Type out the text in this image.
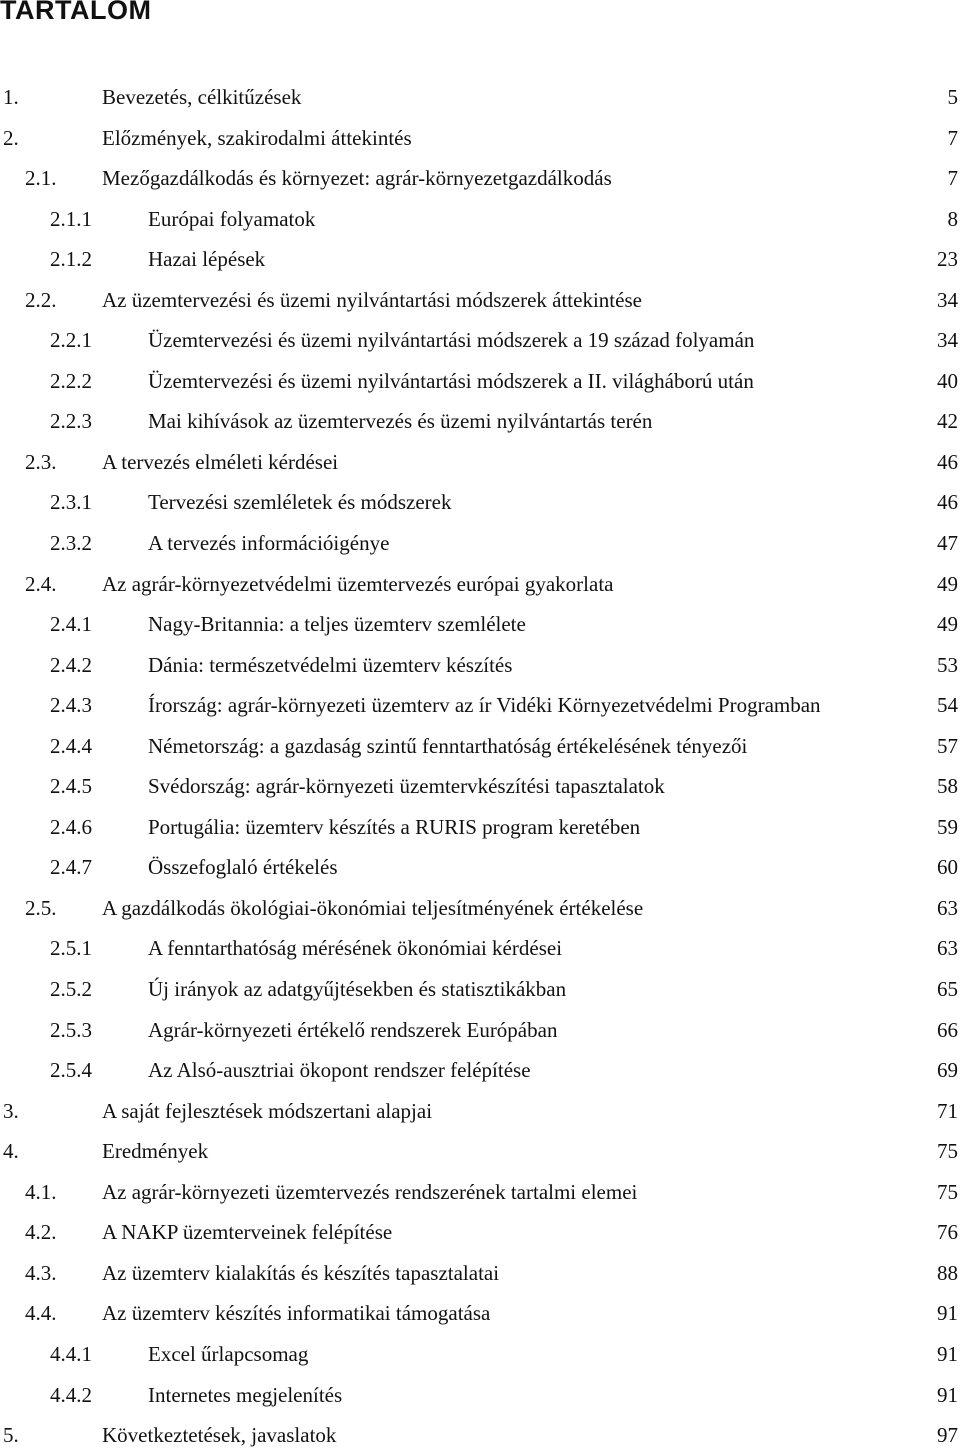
TARTALOM
1.	Bevezetés, célkitűzések	5
2.	Előzmények, szakirodalmi áttekintés	7
2.1. Mezőgazdálkodás és környezet: agrár-környezetgazdálkodás	7
2.1.1	Európai folyamatok	8
2.1.2	Hazai lépések	23
2.2. Az üzemtervezési és üzemi nyilvántartási módszerek áttekintése	34
2.2.1	Üzemtervezési és üzemi nyilvántartási módszerek a 19 század folyamán	34
2.2.2	Üzemtervezési és üzemi nyilvántartási módszerek a II. világháború után	40
2.2.3	Mai kihívások az üzemtervezés és üzemi nyilvántartás terén	42
2.3. A tervezés elméleti kérdései	46
2.3.1	Tervezési szemléletek és módszerek	46
2.3.2	A tervezés információigénye	47
2.4. Az agrár-környezetvédelmi üzemtervezés európai gyakorlata	49
2.4.1	Nagy-Britannia: a teljes üzemterv szemlélete	49
2.4.2	Dánia: természetvédelmi üzemterv készítés	53
2.4.3	Írország: agrár-környezeti üzemterv az ír Vidéki Környezetvédelmi Programban	54
2.4.4	Németország: a gazdaság szintű fenntarthatóság értékelésének tényezői	57
2.4.5	Svédország: agrár-környezeti üzemtervkészítési tapasztalatok	58
2.4.6	Portugália: üzemterv készítés a RURIS program keretében	59
2.4.7	Összefoglaló értékelés	60
2.5. A gazdálkodás ökológiai-ökonómiai teljesítményének értékelése	63
2.5.1	A fenntarthatóság mérésének ökonómiai kérdései	63
2.5.2	Új irányok az adatgyűjtésekben és statisztikákban	65
2.5.3	Agrár-környezeti értékelő rendszerek Európában	66
2.5.4	Az Alsó-ausztriai ökopont rendszer felépítése	69
3.	A saját fejlesztések módszertani alapjai	71
4.	Eredmények	75
4.1. Az agrár-környezeti üzemtervezés rendszerének tartalmi elemei	75
4.2. A NAKP üzemterveinek felépítése	76
4.3. Az üzemterv kialakítás és készítés tapasztalatai	88
4.4. Az üzemterv készítés informatikai támogatása	91
4.4.1	Excel űrlapcsomag	91
4.4.2	Internetes megjelenítés	91
5.	Következtetések, javaslatok	97
